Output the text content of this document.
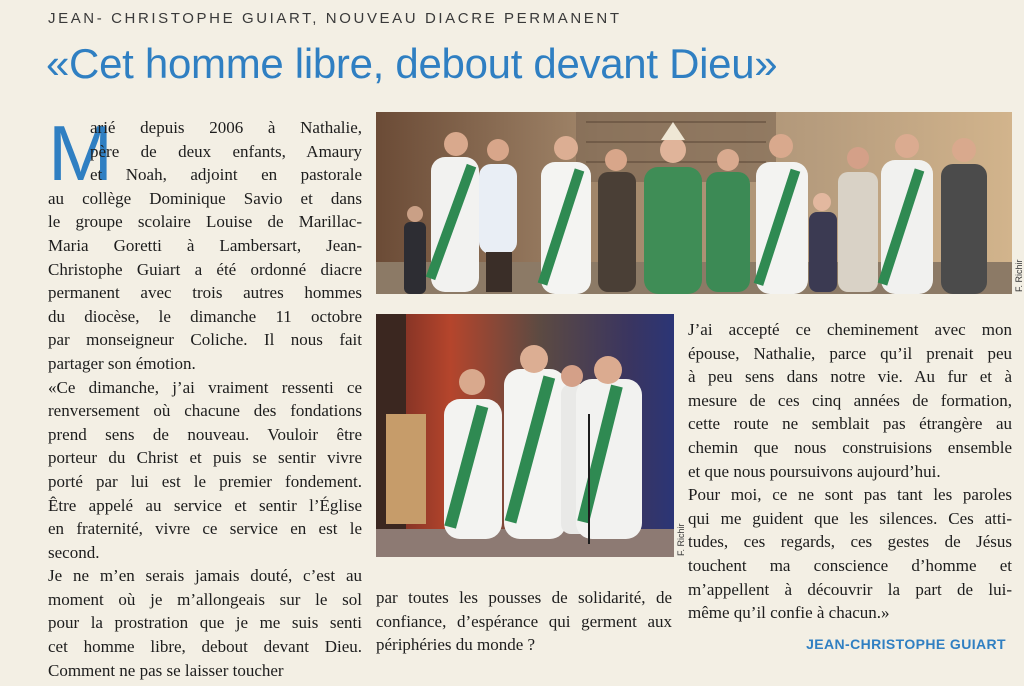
JEAN- CHRISTOPHE GUIART, NOUVEAU DIACRE PERMANENT
«Cet homme libre, debout devant Dieu»
M
arié depuis 2006 à Nathalie,
père de deux enfants, Amaury
et Noah, adjoint en pastorale
au collège Dominique Savio et dans
le groupe scolaire Louise de Marillac-
Maria Goretti à Lambersart, Jean-
Christophe Guiart a été ordonné diacre
permanent avec trois autres hommes
du diocèse, le dimanche 11 octobre
par monseigneur Coliche. Il nous fait
partager son émotion.
«Ce dimanche, j’ai vraiment ressenti ce
renversement où chacune des fondations
prend sens de nouveau. Vouloir être
porteur du Christ et puis se sentir vivre
porté par lui est le premier fondement.
Être appelé au service et sentir l’Église
en fraternité, vivre ce service en est le
second.
Je ne m’en serais jamais douté, c’est au
moment où je m’allongeais sur le sol
pour la prostration que je me suis senti
cet homme libre, debout devant Dieu.
Comment ne pas se laisser toucher
F. Richir
F. Richir
par toutes les pousses de solidarité, de
confiance, d’espérance qui germent aux
périphéries du monde ?
J’ai accepté ce cheminement avec mon
épouse, Nathalie, parce qu’il prenait peu
à peu sens dans notre vie. Au fur et à
mesure de ces cinq années de formation,
cette route ne semblait pas étrangère au
chemin que nous construisions ensemble
et que nous poursuivons aujourd’hui.
Pour moi, ce ne sont pas tant les paroles
qui me guident que les silences. Ces atti-
tudes, ces regards, ces gestes de Jésus
touchent ma conscience d’homme et
m’appellent à découvrir la part de lui-
même qu’il confie à chacun.»
JEAN-CHRISTOPHE GUIART
